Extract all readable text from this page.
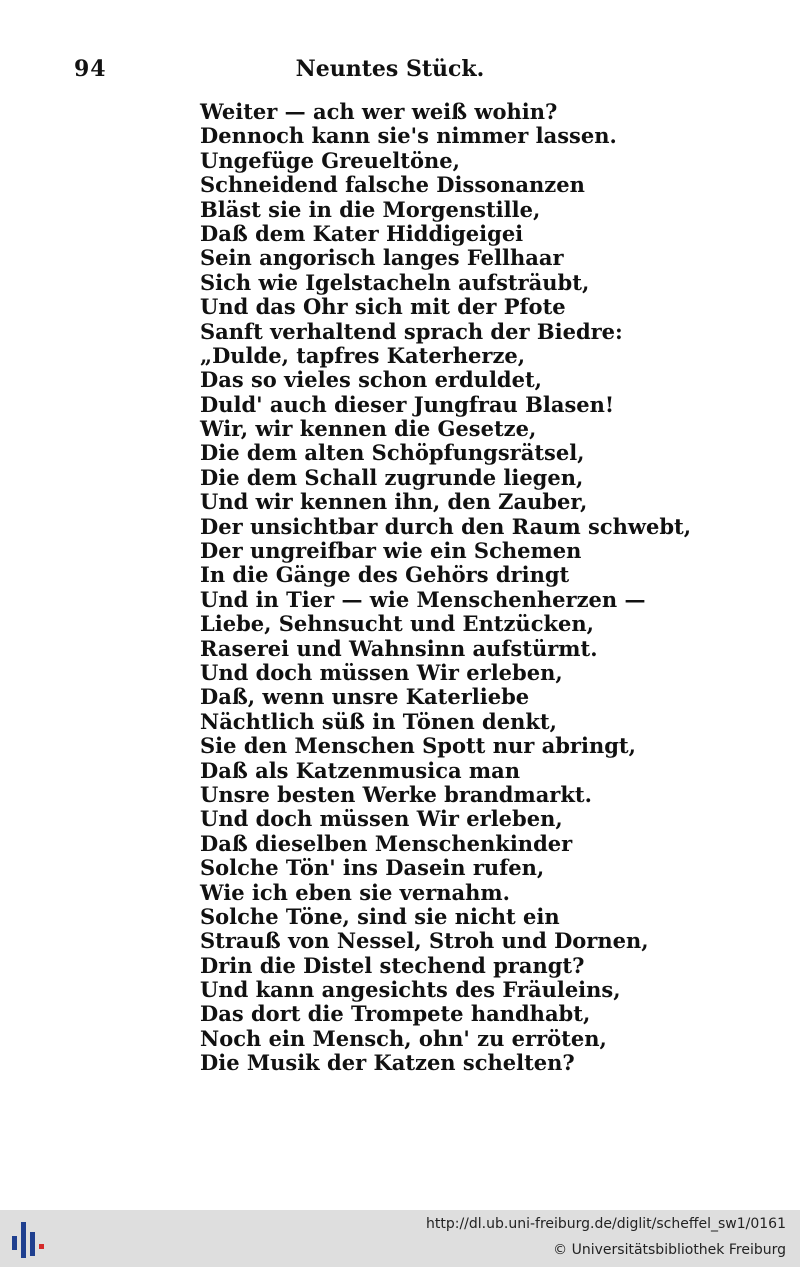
94	Neuntes Stück.
Weiter — ach wer weiß wohin?
Dennoch kann sie's nimmer lassen.
Ungefüge Greueltöne,
Schneidend falsche Dissonanzen
Bläst sie in die Morgenstille,
Daß dem Kater Hiddigeigei
Sein angorisch langes Fellhaar
Sich wie Igelstacheln aufsträubt,
Und das Ohr sich mit der Pfote
Sanft verhaltend sprach der Biedre:
„Dulde, tapfres Katerherze,
Das so vieles schon erduldet,
Duld' auch dieser Jungfrau Blasen!
Wir, wir kennen die Gesetze,
Die dem alten Schöpfungsrätsel,
Die dem Schall zugrunde liegen,
Und wir kennen ihn, den Zauber,
Der unsichtbar durch den Raum schwebt,
Der ungreifbar wie ein Schemen
In die Gänge des Gehörs dringt
Und in Tier — wie Menschenherzen —
Liebe, Sehnsucht und Entzücken,
Raserei und Wahnsinn aufstürmt.
Und doch müssen Wir erleben,
Daß, wenn unsre Katerliebe
Nächtlich süß in Tönen denkt,
Sie den Menschen Spott nur abringt,
Daß als Katzenmusica man
Unsre besten Werke brandmarkt.
Und doch müssen Wir erleben,
Daß dieselben Menschenkinder
Solche Tön' ins Dasein rufen,
Wie ich eben sie vernahm.
Solche Töne, sind sie nicht ein
Strauß von Nessel, Stroh und Dornen,
Drin die Distel stechend prangt?
Und kann angesichts des Fräuleins,
Das dort die Trompete handhabt,
Noch ein Mensch, ohn' zu erröten,
Die Musik der Katzen schelten?
http://dl.ub.uni-freiburg.de/diglit/scheffel_sw1/0161
© Universitätsbibliothek Freiburg
